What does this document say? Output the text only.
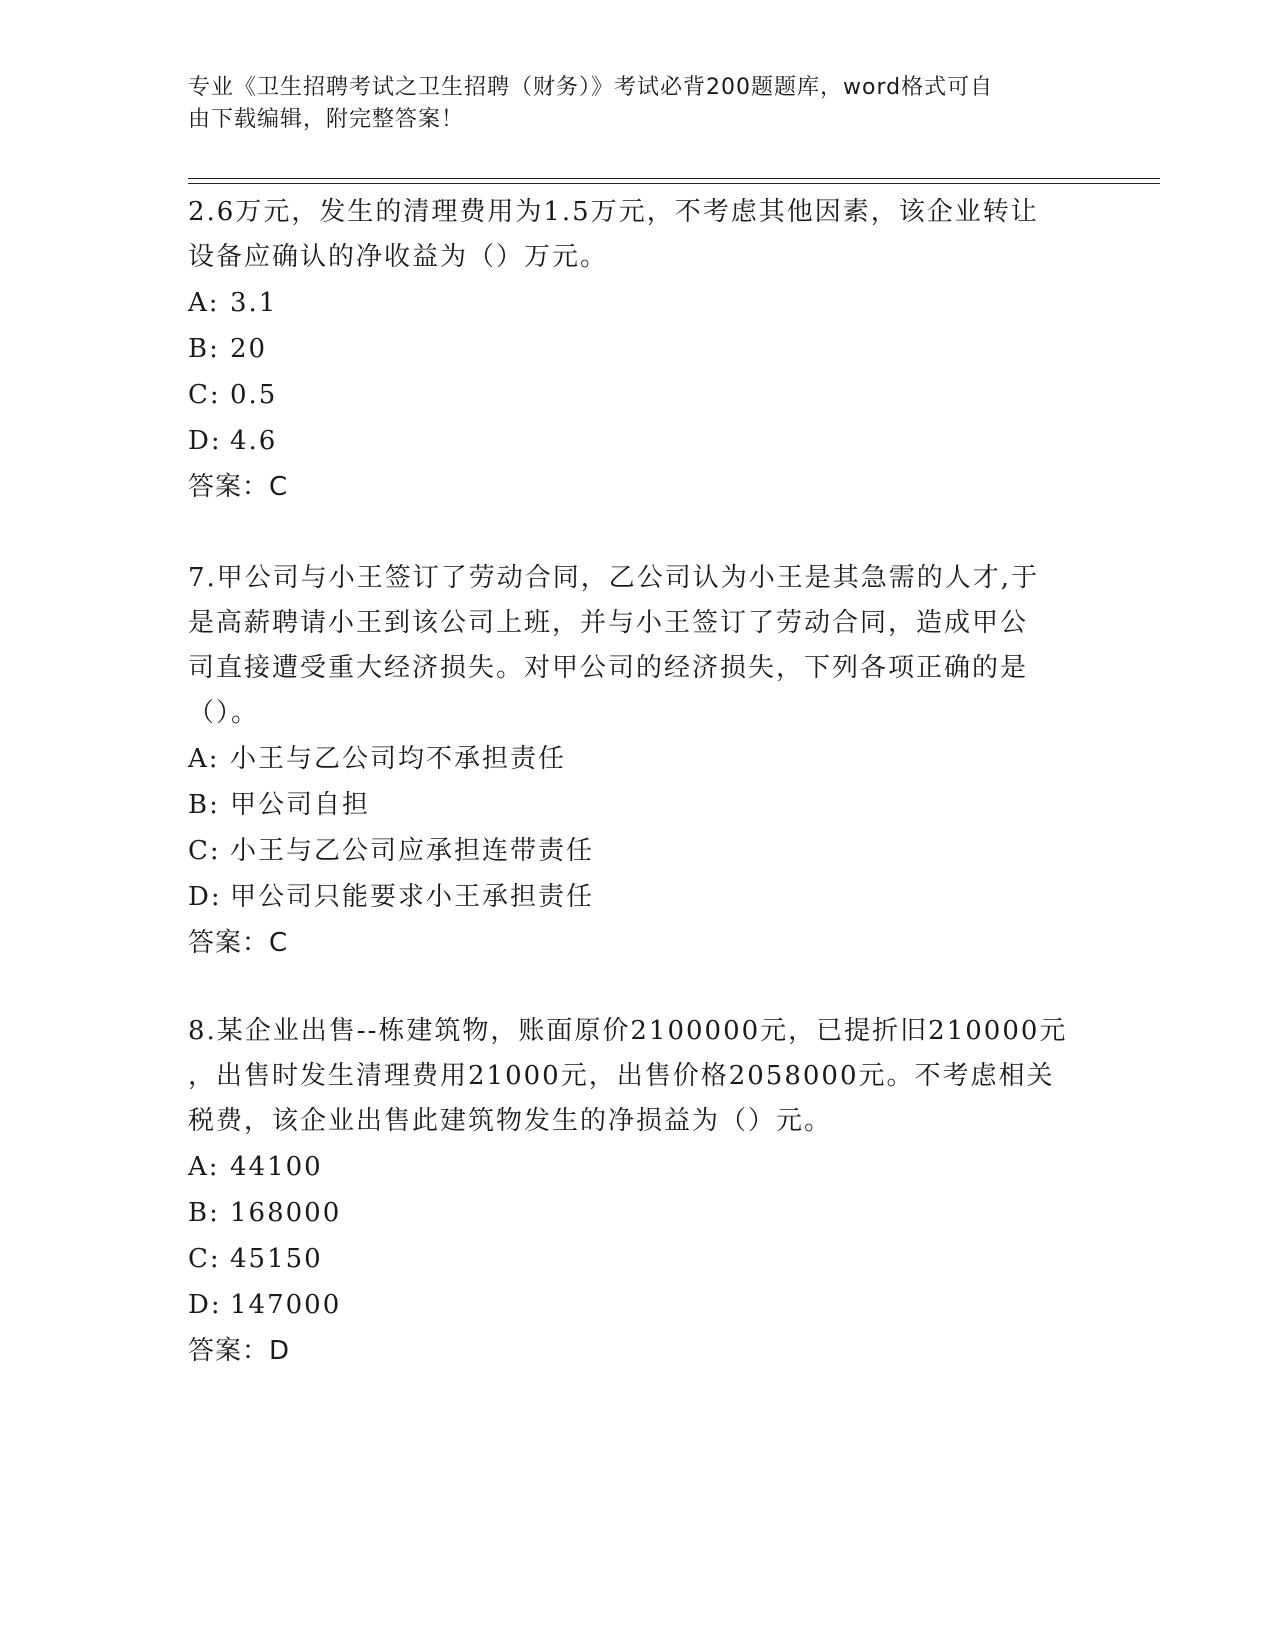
专业《卫生招聘考试之卫生招聘（财务）》考试必背200题题库，word格式可自
由下载编辑，附完整答案！

2.6万元，发生的清理费用为1.5万元，不考虑其他因素，该企业转让
设备应确认的净收益为（）万元。

A: 3.1

B: 20

C: 0.5

D: 4.6

答案：C

7.甲公司与小王签订了劳动合同，乙公司认为小王是其急需的人才,于
是高薪聘请小王到该公司上班，并与小王签订了劳动合同，造成甲公
司直接遭受重大经济损失。对甲公司的经济损失，下列各项正确的是
（）。

A: 小王与乙公司均不承担责任

B: 甲公司自担

C: 小王与乙公司应承担连带责任

D: 甲公司只能要求小王承担责任

答案：C

8.某企业出售--栋建筑物，账面原价2100000元，已提折旧210000元
，出售时发生清理费用21000元，出售价格2058000元。不考虑相关
税费，该企业出售此建筑物发生的净损益为（）元。

A: 44100

B: 168000

C: 45150

D: 147000

答案：D
